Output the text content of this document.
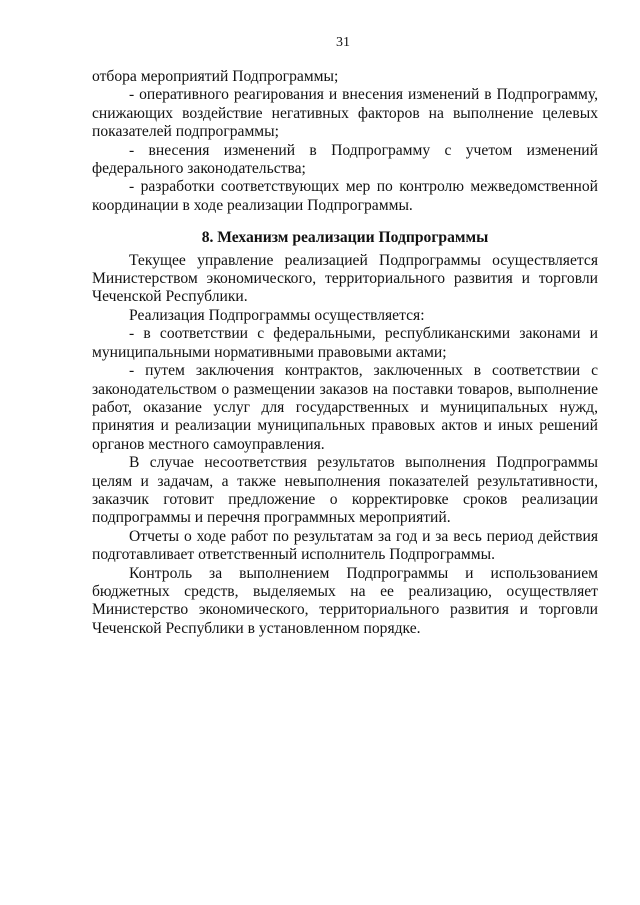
31
отбора мероприятий Подпрограммы;
- оперативного реагирования и внесения изменений в Подпрограмму,
снижающих воздействие негативных факторов на выполнение целевых
показателей подпрограммы;
- внесения изменений в Подпрограмму с учетом изменений
федерального законодательства;
- разработки соответствующих мер по контролю межведомственной
координации в ходе реализации Подпрограммы.
8. Механизм реализации Подпрограммы
Текущее управление реализацией Подпрограммы осуществляется
Министерством экономического, территориального развития и торговли
Чеченской Республики.
Реализация Подпрограммы осуществляется:
- в соответствии с федеральными, республиканскими законами и
муниципальными нормативными правовыми актами;
- путем заключения контрактов, заключенных в соответствии с
законодательством о размещении заказов на поставки товаров, выполнение
работ, оказание услуг для государственных и муниципальных нужд,
принятия и реализации муниципальных правовых актов и иных решений
органов местного самоуправления.
В случае несоответствия результатов выполнения Подпрограммы
целям и задачам, а также невыполнения показателей результативности,
заказчик готовит предложение о корректировке сроков реализации
подпрограммы и перечня программных мероприятий.
Отчеты о ходе работ по результатам за год и за весь период действия
подготавливает ответственный исполнитель Подпрограммы.
Контроль за выполнением Подпрограммы и использованием
бюджетных средств, выделяемых на ее реализацию, осуществляет
Министерство экономического, территориального развития и торговли
Чеченской Республики в установленном порядке.
